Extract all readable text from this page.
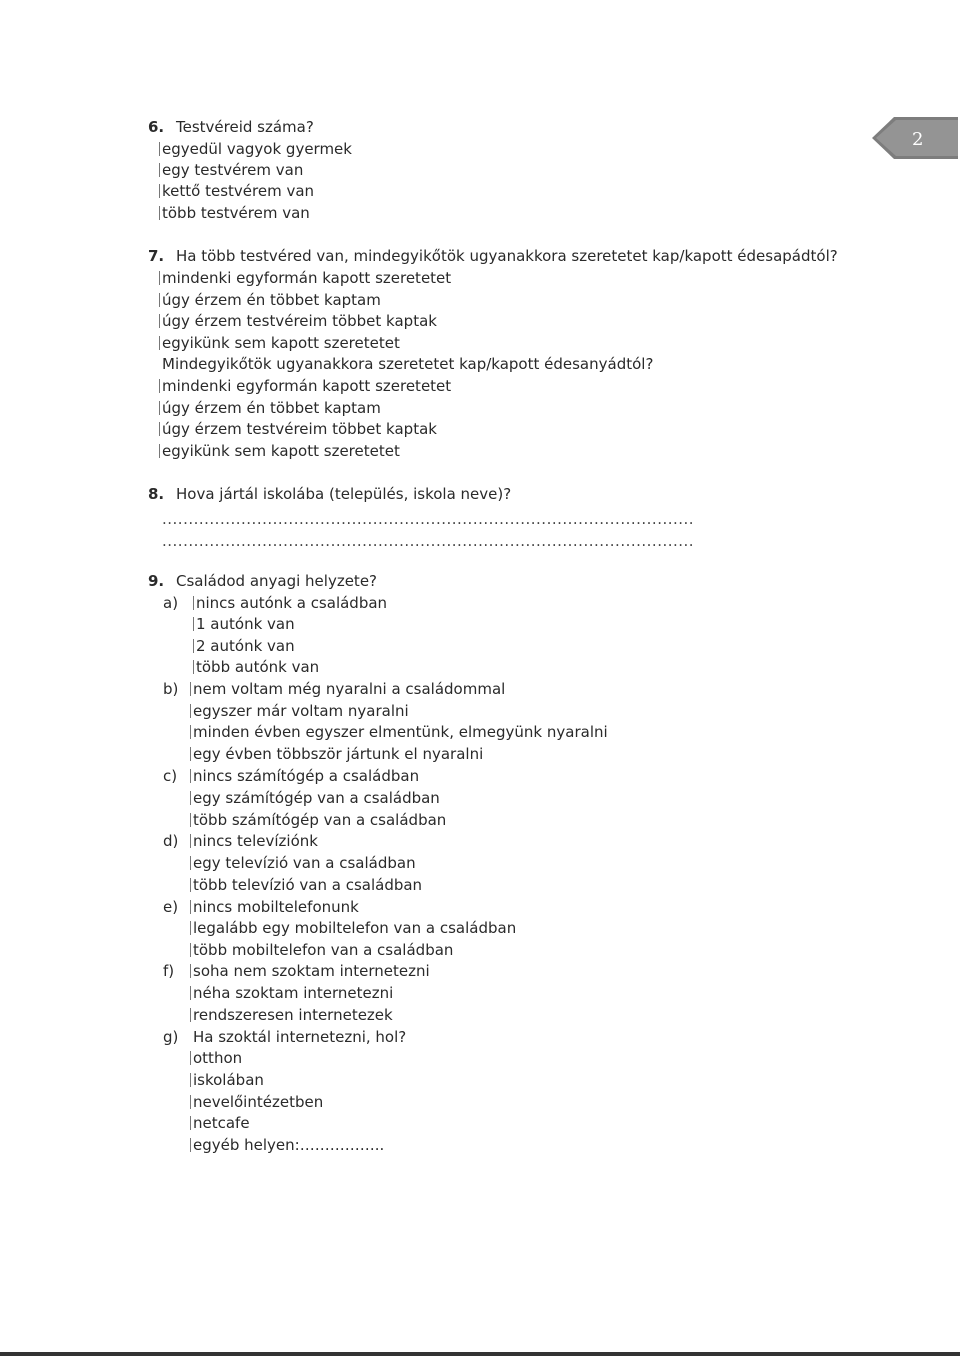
2
6. Testvéreid száma?
egyedül vagyok gyermek
egy testvérem van
kettő testvérem van
több testvérem van
7. Ha több testvéred van, mindegyikőtök ugyanakkora szeretetet kap/kapott édesapádtól?
mindenki egyformán kapott szeretetet
úgy érzem én többet kaptam
úgy érzem testvéreim többet kaptak
egyikünk sem kapott szeretetet
Mindegyikőtök ugyanakkora szeretetet kap/kapott édesanyádtól?
mindenki egyformán kapott szeretetet
úgy érzem én többet kaptam
úgy érzem testvéreim többet kaptak
egyikünk sem kapott szeretetet
8. Hova jártál iskolába (település, iskola neve)?
.....................................................................................................
.....................................................................................................
9. Családod anyagi helyzete?
a) nincs autónk a családban
1 autónk van
2 autónk van
több autónk van
b) nem voltam még nyaralni a családommal
egyszer már voltam nyaralni
minden évben egyszer elmentünk, elmegyünk nyaralni
egy évben többször jártunk el nyaralni
c) nincs számítógép a családban
egy számítógép van a családban
több számítógép van a családban
d) nincs televíziónk
egy televízió van a családban
több televízió van a családban
e) nincs mobiltelefonunk
legalább egy mobiltelefon van a családban
több mobiltelefon van a családban
f) soha nem szoktam internetezni
néha szoktam internetezni
rendszeresen internetezek
g) Ha szoktál internetezni, hol?
otthon
iskolában
nevelőintézetben
netcafe
egyéb helyen:……………..
